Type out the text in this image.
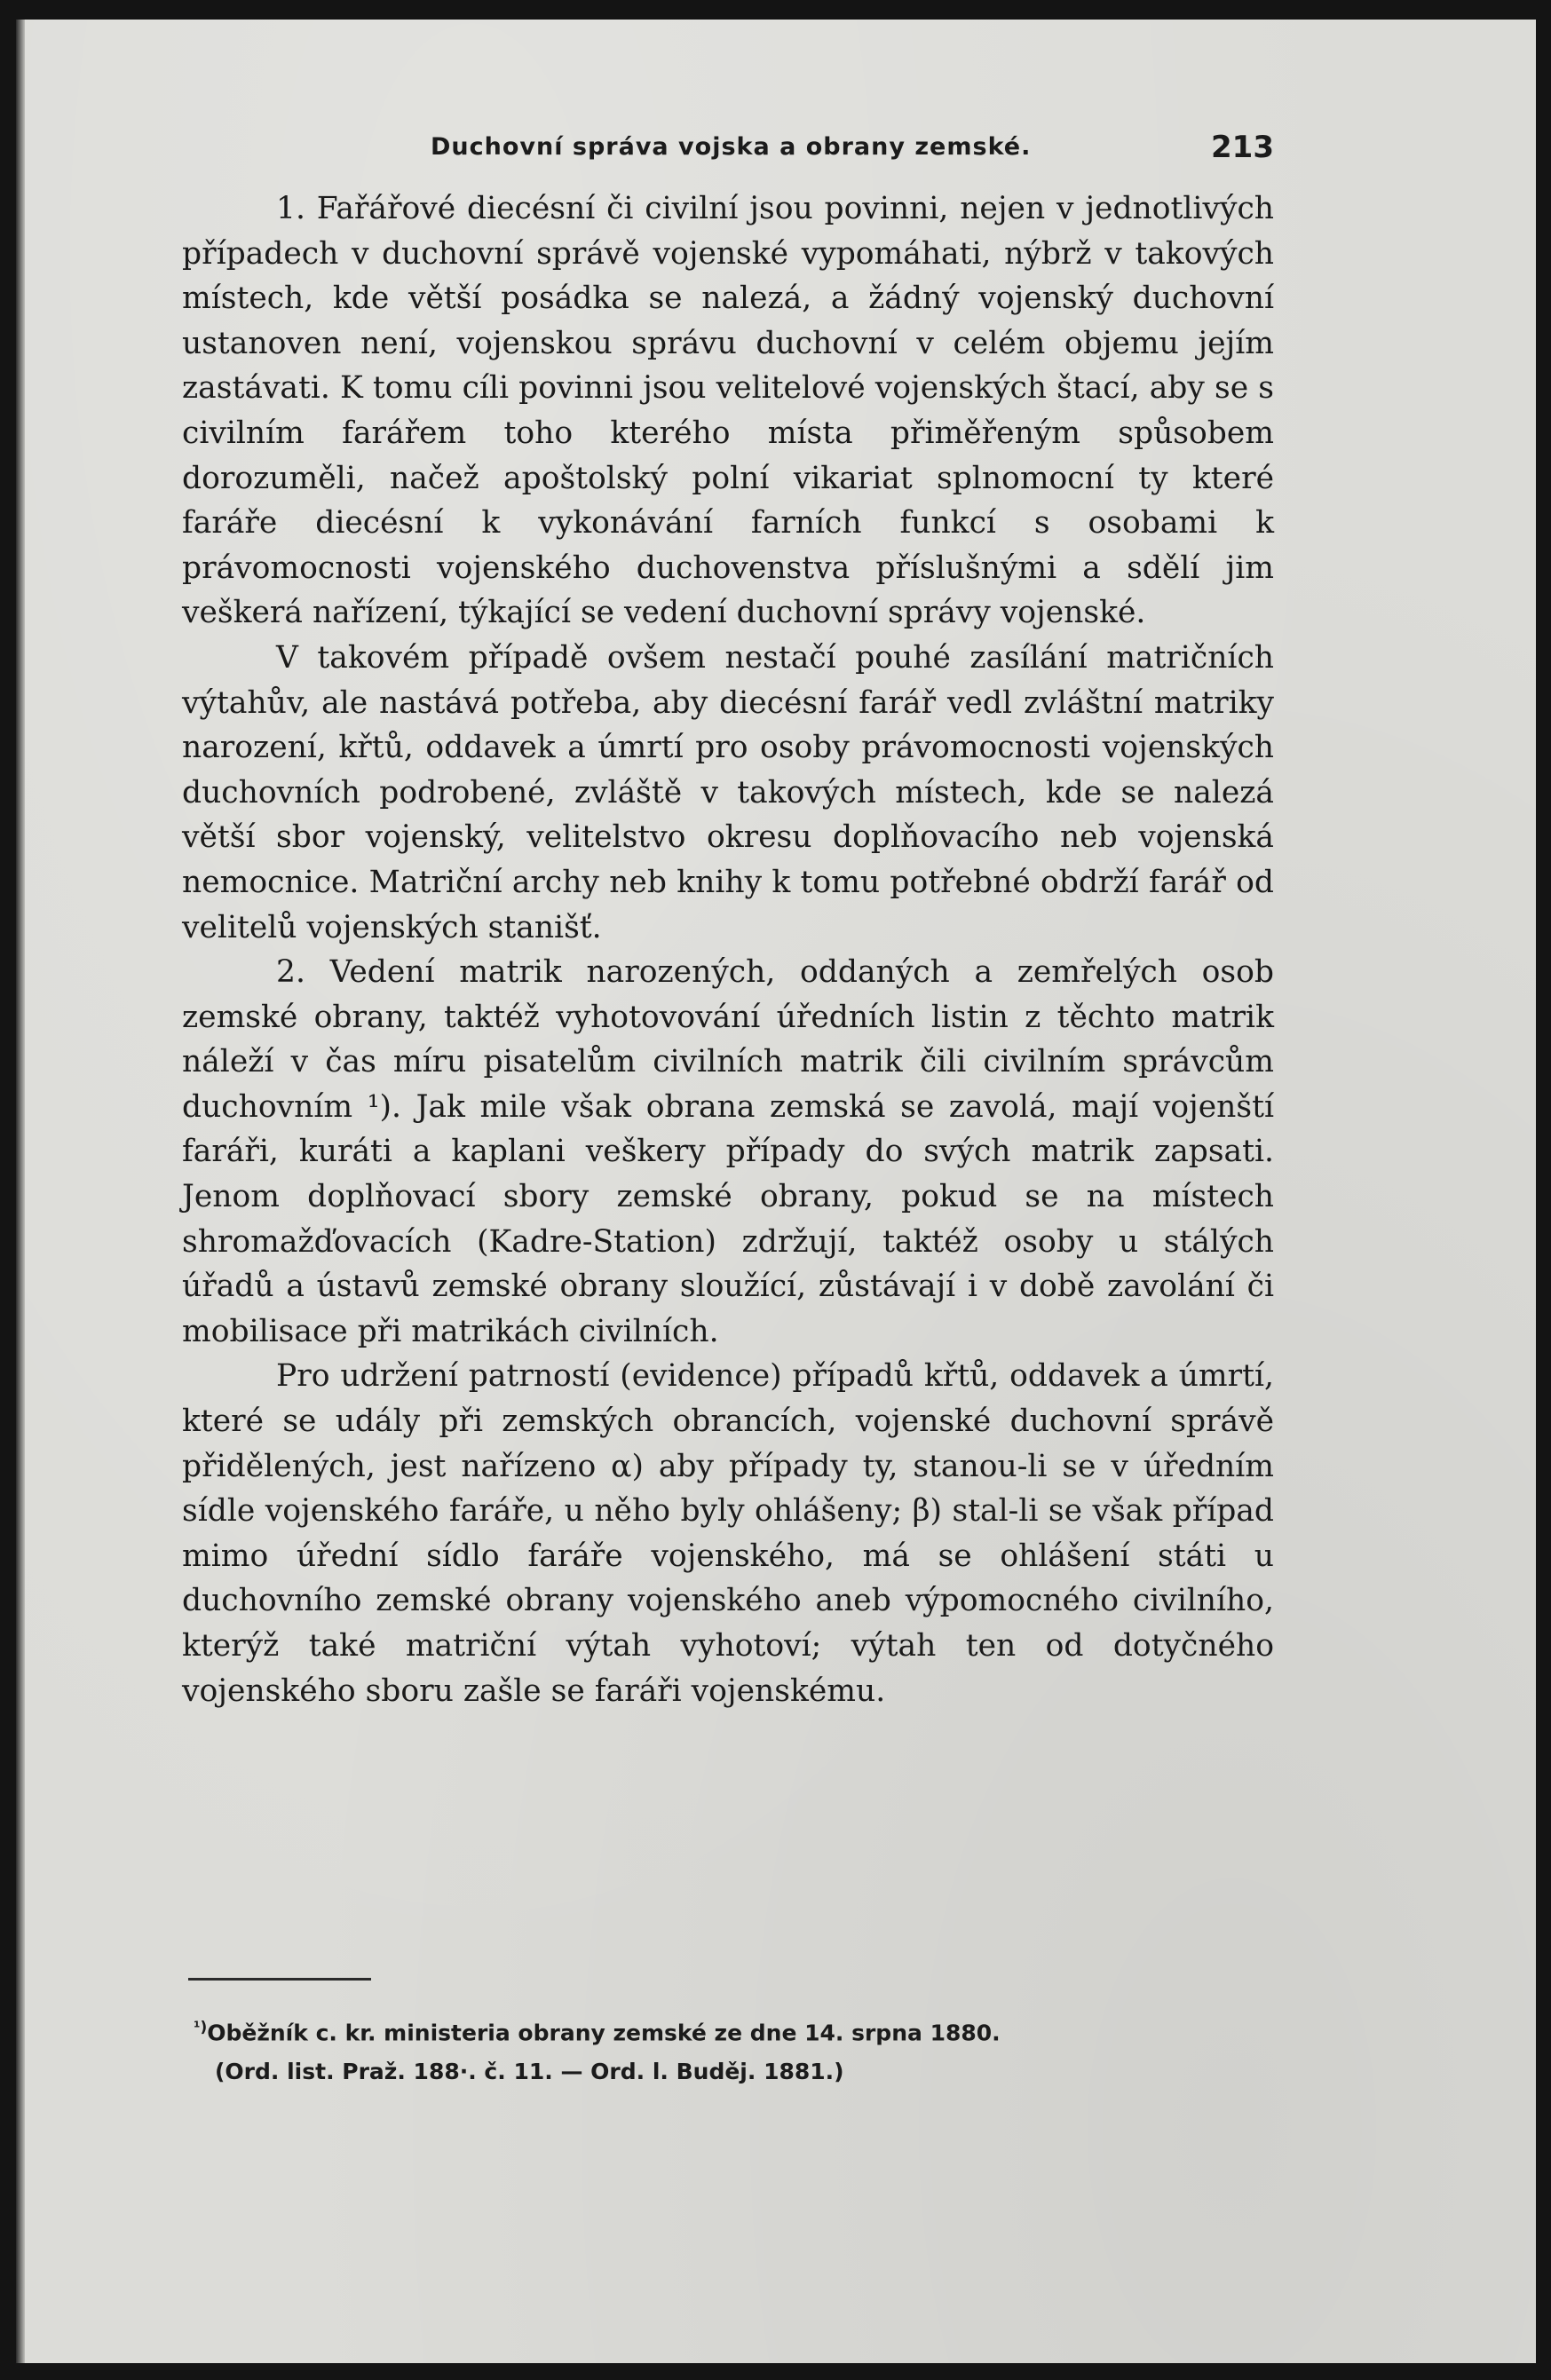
Duchovní správa vojska a obrany zemské.	213

1. Fařářové diecésní či civilní jsou povinni, nejen v jednotlivých případech v duchovní správě vojenské vypomáhati, nýbrž v takových místech, kde větší posádka se nalezá, a žádný vojenský duchovní ustanoven není, vojenskou správu duchovní v celém objemu jejím zastávati. K tomu cíli povinni jsou velitelové vojenských štací, aby se s civilním farářem toho kterého místa přiměřeným spůsobem dorozuměli, načež apoštolský polní vikariat splnomocní ty které faráře diecésní k vykonávání farních funkcí s osobami k právomocnosti vojenského duchovenstva příslušnými a sdělí jim veškerá nařízení, týkající se vedení duchovní správy vojenské.

V takovém případě ovšem nestačí pouhé zasílání matričních výtahův, ale nastává potřeba, aby diecésní farář vedl zvláštní matriky narození, křtů, oddavek a úmrtí pro osoby právomocnosti vojenských duchovních podrobené, zvláště v takových místech, kde se nalezá větší sbor vojenský, velitelstvo okresu doplňovacího neb vojenská nemocnice. Matriční archy neb knihy k tomu potřebné obdrží farář od velitelů vojenských stanišť.

2. Vedení matrik narozených, oddaných a zemřelých osob zemské obrany, taktéž vyhotovování úředních listin z těchto matrik náleží v čas míru pisatelům civilních matrik čili civilním správcům duchovním ¹). Jak mile však obrana zemská se zavolá, mají vojenští faráři, kuráti a kaplani veškery případy do svých matrik zapsati. Jenom doplňovací sbory zemské obrany, pokud se na místech shromažďovacích (Kadre-Station) zdržují, taktéž osoby u stálých úřadů a ústavů zemské obrany sloužící, zůstávají i v době zavolání či mobilisace při matrikách civilních.

Pro udržení patrností (evidence) případů křtů, oddavek a úmrtí, které se udály při zemských obrancích, vojenské duchovní správě přidělených, jest nařízeno α) aby případy ty, stanou-li se v úředním sídle vojenského faráře, u něho byly ohlášeny; β) stal-li se však případ mimo úřední sídlo faráře vojenského, má se ohlášení státi u duchovního zemské obrany vojenského aneb výpomocného civilního, kterýž také matriční výtah vyhotoví; výtah ten od dotyčného vojenského sboru zašle se faráři vojenskému.

$^{^1)}$Oběžník c. kr. ministeria obrany zemské ze dne 14. srpna 1880.

(Ord. list. Praž. 188·. č. 11. — Ord. l. Buděj. 1881.)
